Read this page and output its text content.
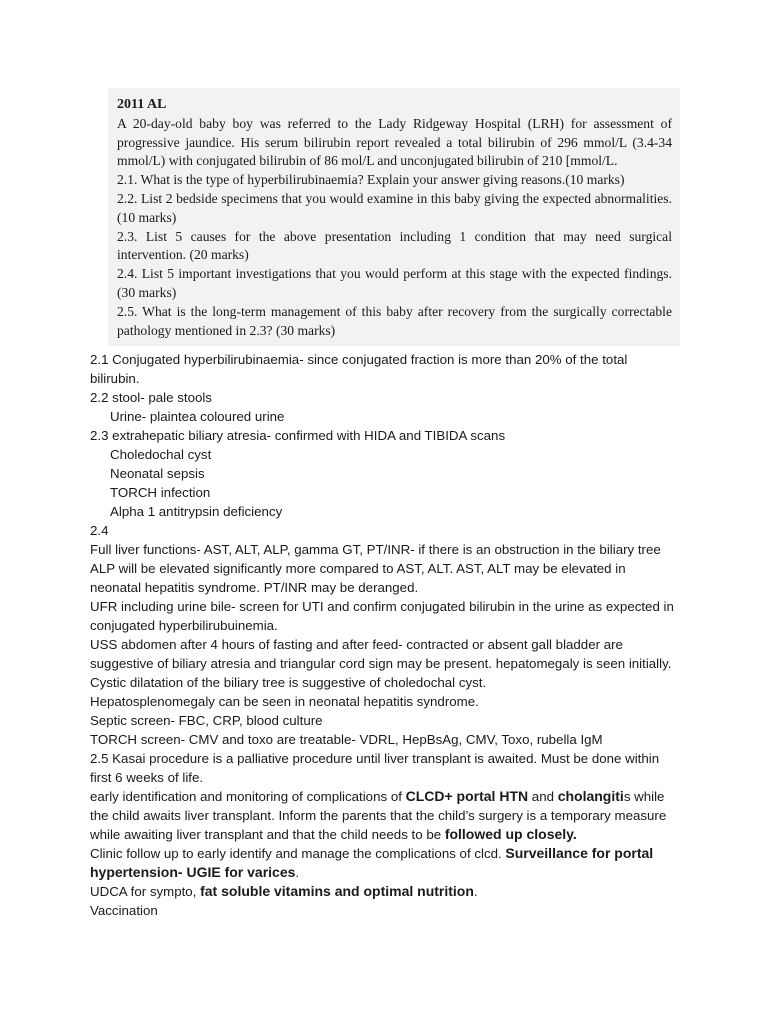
2011 AL

A 20-day-old baby boy was referred to the Lady Ridgeway Hospital (LRH) for assessment of progressive jaundice. His serum bilirubin report revealed a total bilirubin of 296 mmol/L (3.4-34 mmol/L) with conjugated bilirubin of 86 mol/L and unconjugated bilirubin of 210 [mmol/L.

2.1. What is the type of hyperbilirubinaemia? Explain your answer giving reasons.(10 marks)

2.2. List 2 bedside specimens that you would examine in this baby giving the expected abnormalities. (10 marks)

2.3. List 5 causes for the above presentation including 1 condition that may need surgical intervention. (20 marks)

2.4. List 5 important investigations that you would perform at this stage with the expected findings. (30 marks)

2.5. What is the long-term management of this baby after recovery from the surgically correctable pathology mentioned in 2.3? (30 marks)

2.1 Conjugated hyperbilirubinaemia- since conjugated fraction is more than 20% of the total bilirubin.

2.2 stool- pale stools

Urine- plaintea coloured urine

2.3 extrahepatic biliary atresia- confirmed with HIDA and TIBIDA scans

Choledochal cyst

Neonatal sepsis

TORCH infection

Alpha 1 antitrypsin deficiency

2.4

Full liver functions- AST, ALT, ALP, gamma GT, PT/INR- if there is an obstruction in the biliary tree ALP will be elevated significantly more compared to AST, ALT. AST, ALT may be elevated in neonatal hepatitis syndrome. PT/INR may be deranged.

UFR including urine bile- screen for UTI and confirm conjugated bilirubin in the urine as expected in conjugated hyperbilirubuinemia.

USS abdomen after 4 hours of fasting and after feed- contracted or absent gall bladder are suggestive of biliary atresia and triangular cord sign may be present. hepatomegaly is seen initially. Cystic dilatation of the biliary tree is suggestive of choledochal cyst.

Hepatosplenomegaly can be seen in neonatal hepatitis syndrome.

Septic screen- FBC, CRP, blood culture

TORCH screen- CMV and toxo are treatable- VDRL, HepBsAg, CMV, Toxo, rubella IgM

2.5 Kasai procedure is a palliative procedure until liver transplant is awaited. Must be done within first 6 weeks of life.

early identification and monitoring of complications of CLCD+ portal HTN and cholangitis while the child awaits liver transplant. Inform the parents that the child’s surgery is a temporary measure while awaiting liver transplant and that the child needs to be followed up closely.

Clinic follow up to early identify and manage the complications of clcd. Surveillance for portal hypertension- UGIE for varices.

UDCA for sympto, fat soluble vitamins and optimal nutrition.

Vaccination
